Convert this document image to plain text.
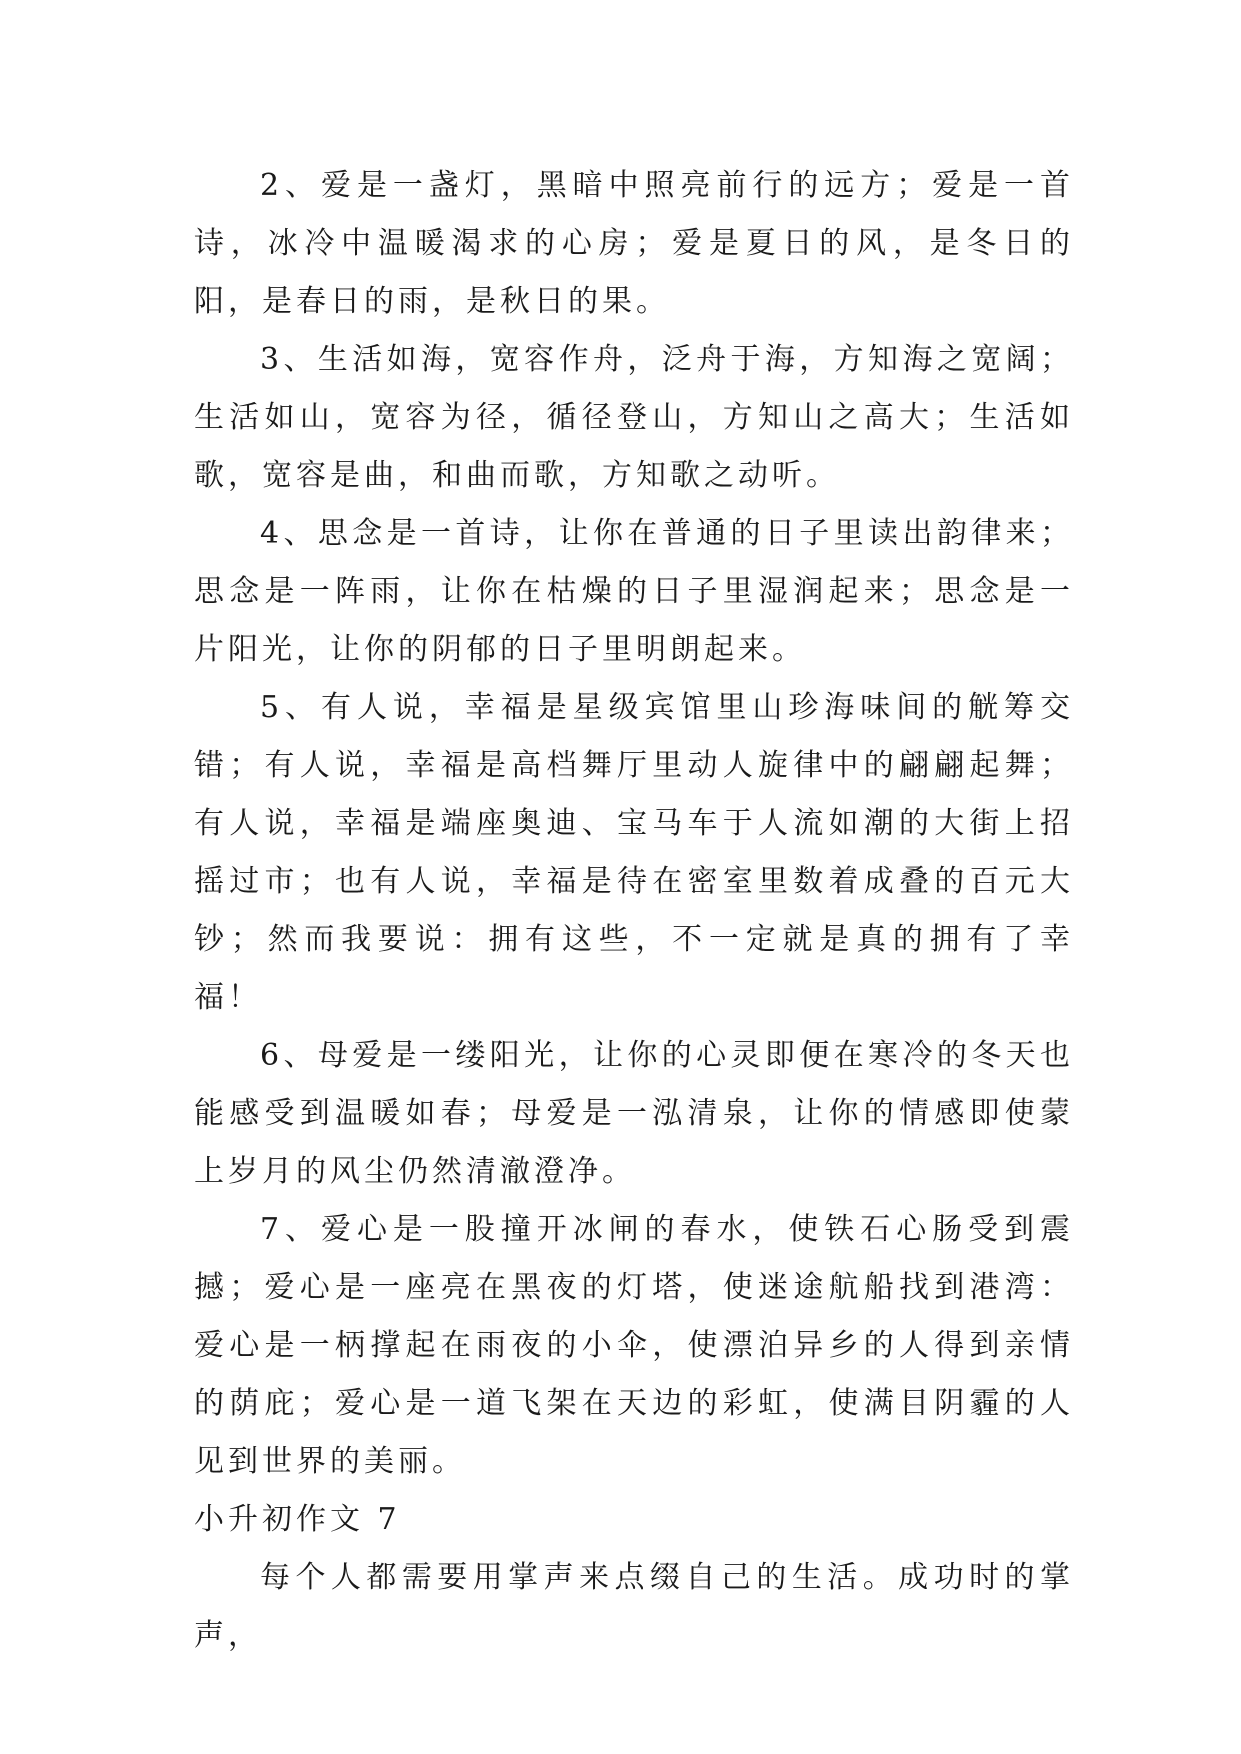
2、爱是一盏灯，黑暗中照亮前行的远方；爱是一首诗，冰冷中温暖渴求的心房；爱是夏日的风，是冬日的阳，是春日的雨，是秋日的果。

3、生活如海，宽容作舟，泛舟于海，方知海之宽阔；生活如山，宽容为径，循径登山，方知山之高大；生活如歌，宽容是曲，和曲而歌，方知歌之动听。

4、思念是一首诗，让你在普通的日子里读出韵律来；思念是一阵雨，让你在枯燥的日子里湿润起来；思念是一片阳光，让你的阴郁的日子里明朗起来。

5、有人说，幸福是星级宾馆里山珍海味间的觥筹交错；有人说，幸福是高档舞厅里动人旋律中的翩翩起舞；有人说，幸福是端座奥迪、宝马车于人流如潮的大街上招摇过市；也有人说，幸福是待在密室里数着成叠的百元大钞；然而我要说：拥有这些，不一定就是真的拥有了幸福！

6、母爱是一缕阳光，让你的心灵即便在寒冷的冬天也能感受到温暖如春；母爱是一泓清泉，让你的情感即使蒙上岁月的风尘仍然清澈澄净。

7、爱心是一股撞开冰闸的春水，使铁石心肠受到震撼；爱心是一座亮在黑夜的灯塔，使迷途航船找到港湾：爱心是一柄撑起在雨夜的小伞，使漂泊异乡的人得到亲情的荫庇；爱心是一道飞架在天边的彩虹，使满目阴霾的人见到世界的美丽。

小升初作文 7

每个人都需要用掌声来点缀自己的生活。成功时的掌声，
